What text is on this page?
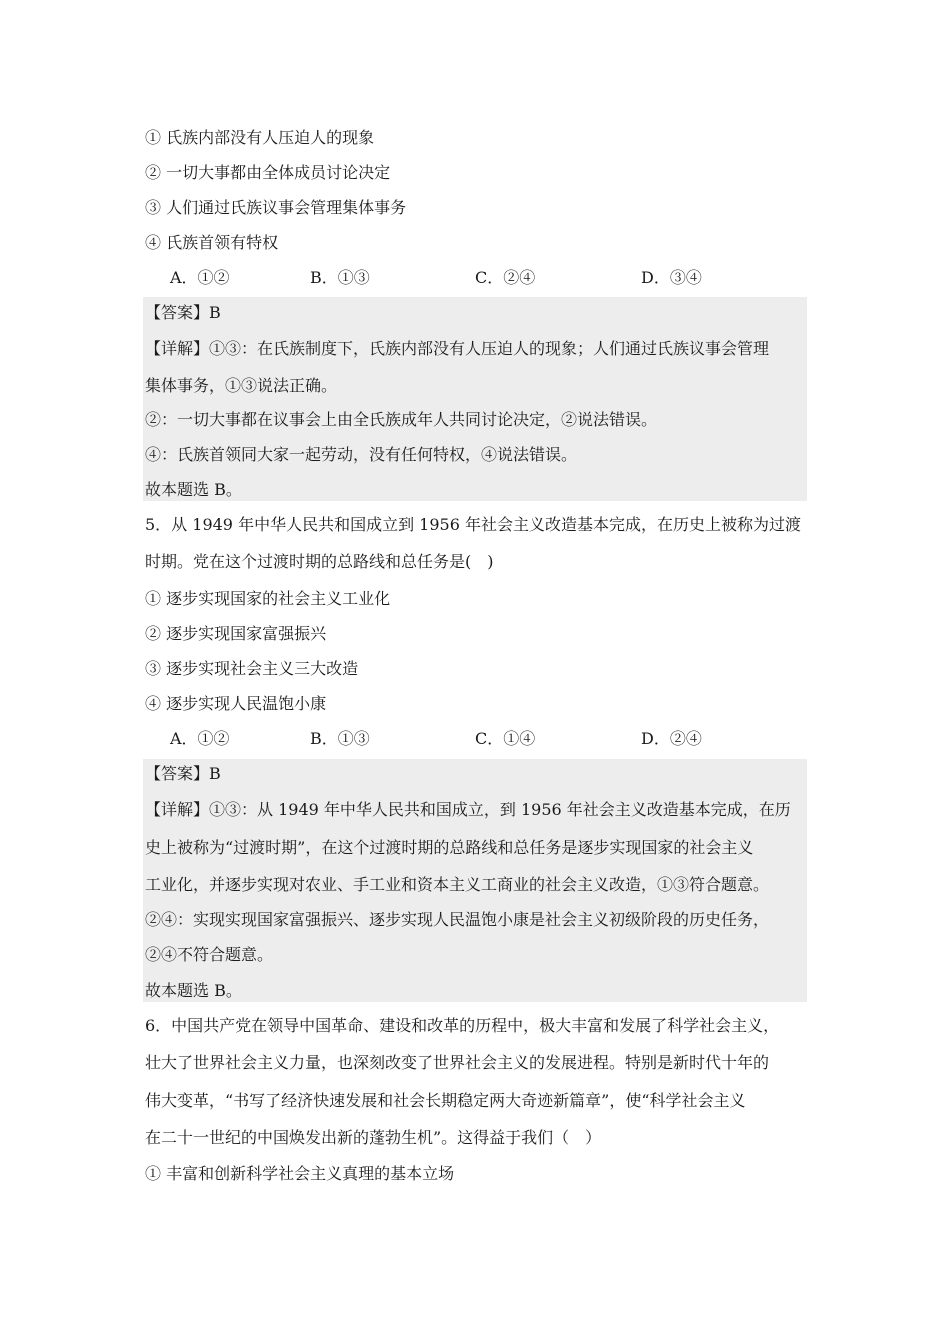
① 氏族内部没有人压迫人的现象
② 一切大事都由全体成员讨论决定
③ 人们通过氏族议事会管理集体事务
④ 氏族首领有特权
A．①②	B．①③	C．②④	D．③④
【答案】B
【详解】①③：在氏族制度下，氏族内部没有人压迫人的现象；人们通过氏族议事会管理
集体事务，①③说法正确。
②：一切大事都在议事会上由全氏族成年人共同讨论决定，②说法错误。
④：氏族首领同大家一起劳动，没有任何特权，④说法错误。
故本题选 B。
5．从 1949 年中华人民共和国成立到 1956 年社会主义改造基本完成，在历史上被称为过渡
时期。党在这个过渡时期的总路线和总任务是(　)
① 逐步实现国家的社会主义工业化
② 逐步实现国家富强振兴
③ 逐步实现社会主义三大改造
④ 逐步实现人民温饱小康
A．①②	B．①③	C．①④	D．②④
【答案】B
【详解】①③：从 1949 年中华人民共和国成立，到 1956 年社会主义改造基本完成，在历
史上被称为“过渡时期”，在这个过渡时期的总路线和总任务是逐步实现国家的社会主义
工业化，并逐步实现对农业、手工业和资本主义工商业的社会主义改造，①③符合题意。
②④：实现实现国家富强振兴、逐步实现人民温饱小康是社会主义初级阶段的历史任务，
②④不符合题意。
故本题选 B。
6．中国共产党在领导中国革命、建设和改革的历程中，极大丰富和发展了科学社会主义，
壮大了世界社会主义力量，也深刻改变了世界社会主义的发展进程。特别是新时代十年的
伟大变革，“书写了经济快速发展和社会长期稳定两大奇迹新篇章”，使“科学社会主义
在二十一世纪的中国焕发出新的蓬勃生机”。这得益于我们（　）
① 丰富和创新科学社会主义真理的基本立场
